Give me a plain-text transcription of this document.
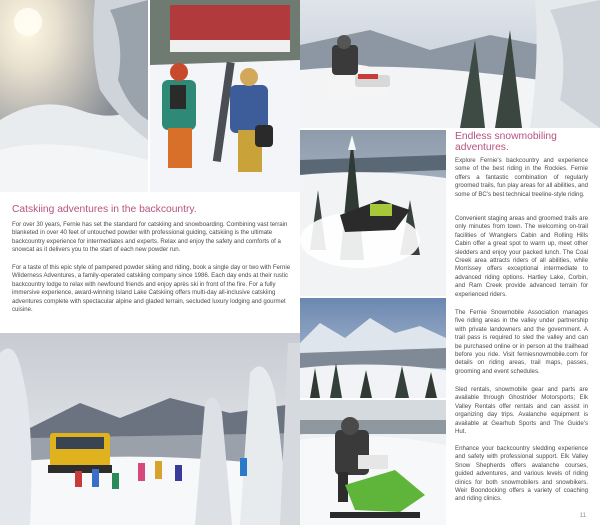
Catskiing adventures in the backcountry.

For over 30 years, Fernie has set the standard for catskiing and snowboarding. Combining vast terrain blanketed in over 40 feet of untouched powder with professional guiding, catskiing is the ultimate backcountry experience for intermediates and experts. Relax and enjoy the safety and comforts of a snowcat as it delivers you to the start of each new powder run.

For a taste of this epic style of pampered powder skiing and riding, book a single day or two with Fernie Wilderness Adventures, a family-operated catskiing company since 1986. Each day ends at their rustic backcountry lodge to relax with newfound friends and enjoy après ski in front of the fire. For a fully immersive experience, award-winning Island Lake Catskiing offers multi-day all-inclusive catskiing adventures complete with spectacular alpine and gladed terrain, secluded luxury lodging and gourmet cuisine.

Endless snowmobiling
adventures.

Explore Fernie's backcountry and experience some of the best riding in the Rockies. Fernie offers a fantastic combination of regularly groomed trails, fun play areas for all abilities, and some of BC's best technical treeline-style riding.

Convenient staging areas and groomed trails are only minutes from town. The welcoming on-trail facilities of Wranglers Cabin and Rolling Hills Cabin offer a great spot to warm up, meet other sledders and enjoy your packed lunch. The Coal Creek area attracts riders of all abilities, while Morrissey offers exceptional intermediate to advanced riding options. Hartley Lake, Corbin, and Ram Creek provide advanced terrain for experienced riders.

The Fernie Snowmobile Association manages five riding areas in the valley under partnership with private landowners and the government. A trail pass is required to sled the valley and can be purchased online or in person at the trailhead before you ride. Visit ferniesnowmobile.com for details on riding areas, trail maps, passes, grooming and event schedules.

Sled rentals, snowmobile gear and parts are available through Ghostrider Motorsports; Elk Valley Rentals offer rentals and can assist in organizing day trips. Avalanche equipment is available at Gearhub Sports and The Guide's Hut.

Enhance your backcountry sledding experience and safety with professional support. Elk Valley Snow Shepherds offers avalanche courses, guided adventures, and various levels of riding clinics for both snowmobilers and snowbikers. Weir Boondocking offers a variety of coaching and riding clinics.

11
